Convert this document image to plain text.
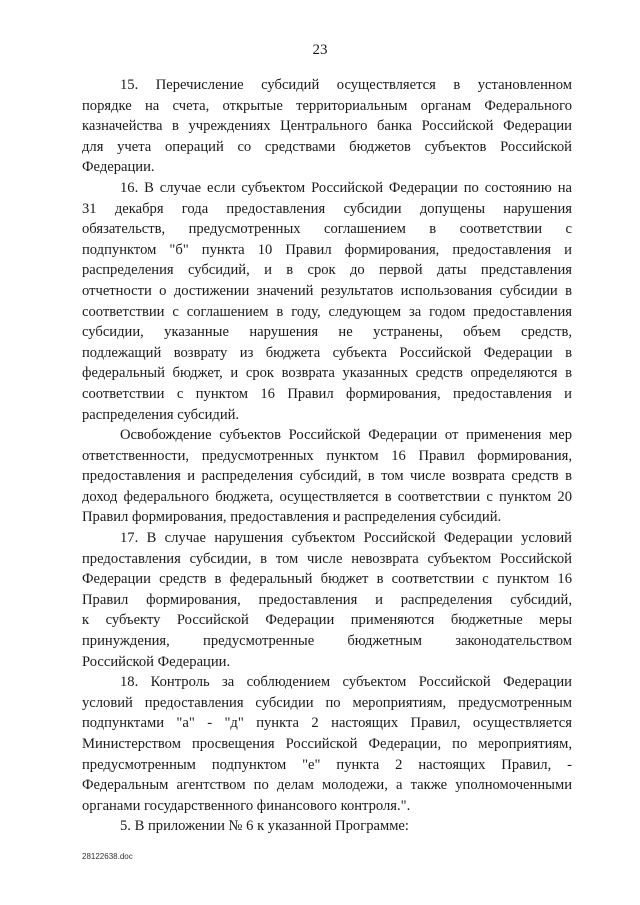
23
15. Перечисление субсидий осуществляется в установленном
порядке на счета, открытые территориальным органам Федерального
казначейства в учреждениях Центрального банка Российской Федерации
для учета операций со средствами бюджетов субъектов Российской
Федерации.
16. В случае если субъектом Российской Федерации по состоянию на
31 декабря года предоставления субсидии допущены нарушения
обязательств, предусмотренных соглашением в соответствии с
подпунктом "б" пункта 10 Правил формирования, предоставления и
распределения субсидий, и в срок до первой даты представления
отчетности о достижении значений результатов использования субсидии в
соответствии с соглашением в году, следующем за годом предоставления
субсидии, указанные нарушения не устранены, объем средств,
подлежащий возврату из бюджета субъекта Российской Федерации в
федеральный бюджет, и срок возврата указанных средств определяются в
соответствии с пунктом 16 Правил формирования, предоставления и
распределения субсидий.
Освобождение субъектов Российской Федерации от применения мер
ответственности, предусмотренных пунктом 16 Правил формирования,
предоставления и распределения субсидий, в том числе возврата средств в
доход федерального бюджета, осуществляется в соответствии с пунктом 20
Правил формирования, предоставления и распределения субсидий.
17. В случае нарушения субъектом Российской Федерации условий
предоставления субсидии, в том числе невозврата субъектом Российской
Федерации средств в федеральный бюджет в соответствии с пунктом 16
Правил формирования, предоставления и распределения субсидий,
к субъекту Российской Федерации применяются бюджетные меры
принуждения, предусмотренные бюджетным законодательством
Российской Федерации.
18. Контроль за соблюдением субъектом Российской Федерации
условий предоставления субсидии по мероприятиям, предусмотренным
подпунктами "а" - "д" пункта 2 настоящих Правил, осуществляется
Министерством просвещения Российской Федерации, по мероприятиям,
предусмотренным подпунктом "е" пункта 2 настоящих Правил, -
Федеральным агентством по делам молодежи, а также уполномоченными
органами государственного финансового контроля.".
5. В приложении № 6 к указанной Программе:
28122638.doc
